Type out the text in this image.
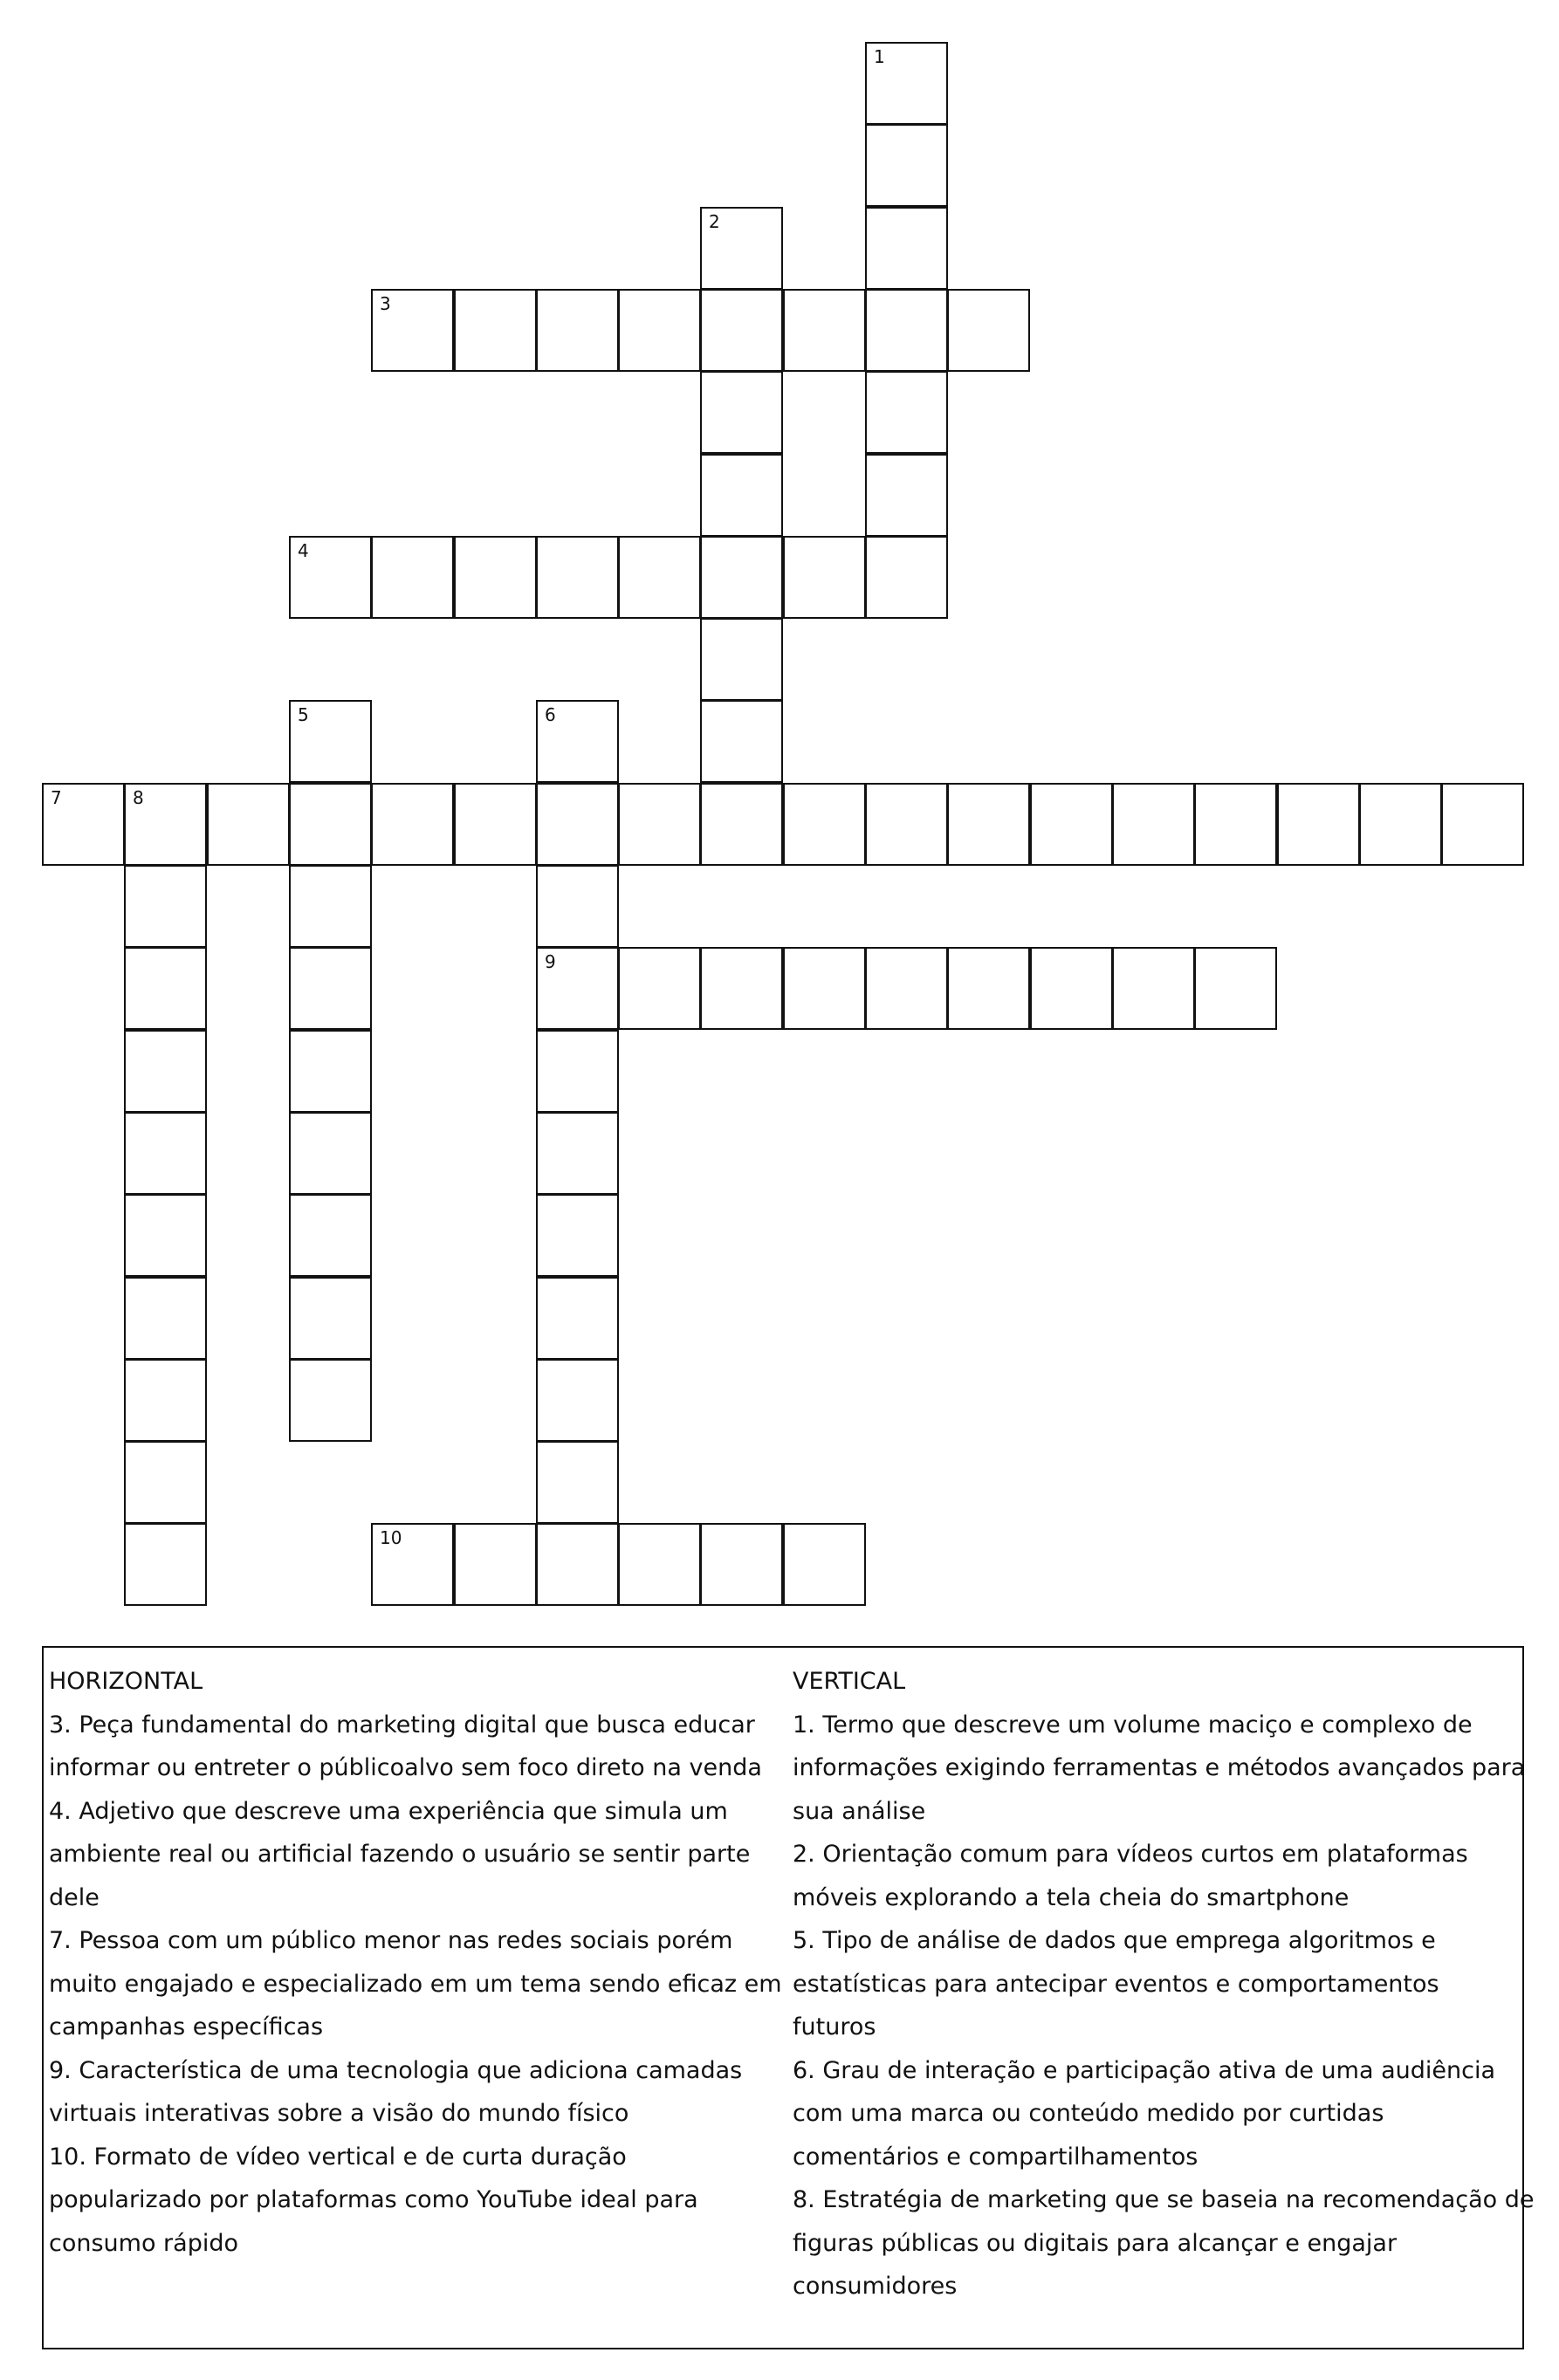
1
2
3
4
5	6
9
7	8
10
HORIZONTAL
3. Peça fundamental do marketing digital que busca educar
informar ou entreter o públicoalvo sem foco direto na venda
4. Adjetivo que descreve uma experiência que simula um
ambiente real ou artificial fazendo o usuário se sentir parte
dele
7. Pessoa com um público menor nas redes sociais porém
muito engajado e especializado em um tema sendo eficaz em
campanhas específicas
9. Característica de uma tecnologia que adiciona camadas
virtuais interativas sobre a visão do mundo físico
10. Formato de vídeo vertical e de curta duração
popularizado por plataformas como YouTube ideal para
consumo rápido
VERTICAL
1. Termo que descreve um volume maciço e complexo de
informações exigindo ferramentas e métodos avançados para
sua análise
2. Orientação comum para vídeos curtos em plataformas
móveis explorando a tela cheia do smartphone
5. Tipo de análise de dados que emprega algoritmos e
estatísticas para antecipar eventos e comportamentos
futuros
6. Grau de interação e participação ativa de uma audiência
com uma marca ou conteúdo medido por curtidas
comentários e compartilhamentos
8. Estratégia de marketing que se baseia na recomendação de
figuras públicas ou digitais para alcançar e engajar
consumidores
